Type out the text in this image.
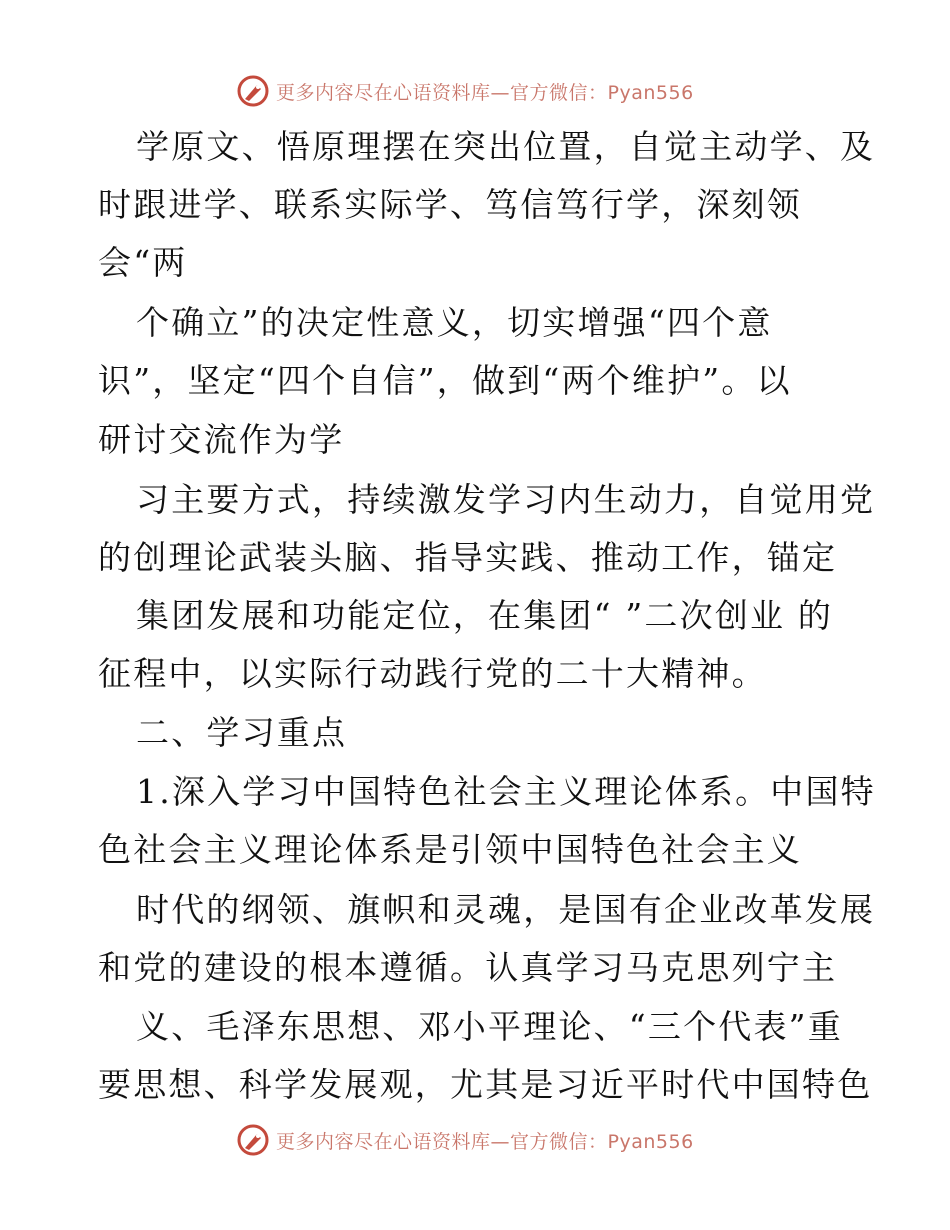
更多内容尽在心语资料库—官方微信：Pyan556
学原文、悟原理摆在突出位置，自觉主动学、及
时跟进学、联系实际学、笃信笃行学，深刻领
会“两
个确立”的决定性意义，切实增强“四个意
识”，坚定“四个自信”，做到“两个维护”。以
研讨交流作为学
习主要方式，持续激发学习内生动力，自觉用党
的创理论武装头脑、指导实践、推动工作，锚定
集团发展和功能定位，在集团“ ”二次创业 的
征程中，以实际行动践行党的二十大精神。
二、学习重点
1.深入学习中国特色社会主义理论体系。中国特
色社会主义理论体系是引领中国特色社会主义
时代的纲领、旗帜和灵魂，是国有企业改革发展
和党的建设的根本遵循。认真学习马克思列宁主
义、毛泽东思想、邓小平理论、“三个代表”重
要思想、科学发展观，尤其是习近平时代中国特色
更多内容尽在心语资料库—官方微信：Pyan556
